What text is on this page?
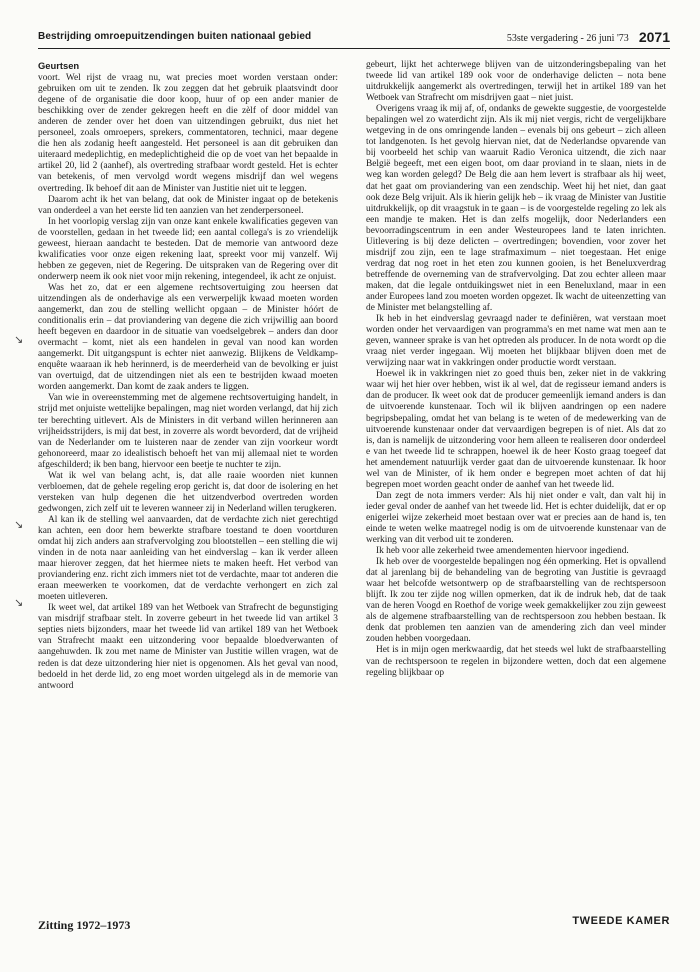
Bestrijding omroepuitzendingen buiten nationaal gebied	53ste vergadering - 26 juni '73 2071
Geurtsen

voort. Wel rijst de vraag nu, wat precies moet worden verstaan onder: gebruiken om uit te zenden. Ik zou zeggen dat het gebruik plaatsvindt door degene of de organisatie die door koop, huur of op een ander manier de beschikking over de zender gekregen heeft en die zèlf of door middel van anderen de zender over het doen van uitzendingen gebruikt, dus niet het personeel, zoals omroepers, sprekers, commentatoren, technici, maar degene die hen als zodanig heeft aangesteld. Het personeel is aan dit gebruiken dan uiteraard medeplichtig, en medeplichtigheid die op de voet van het bepaalde in artikel 20, lid 2 (aanhef), als overtreding strafbaar wordt gesteld. Het is echter van betekenis, of men vervolgd wordt wegens misdrijf dan wel wegens overtreding. Ik behoef dit aan de Minister van Justitie niet uit te leggen.

Daarom acht ik het van belang, dat ook de Minister ingaat op de betekenis van onderdeel a van het eerste lid ten aanzien van het zenderpersoneel.

In het voorlopig verslag zijn van onze kant enkele kwalificaties gegeven van de voorstellen, gedaan in het tweede lid; een aantal collega's is zo vriendelijk geweest, hieraan aandacht te besteden. Dat de memorie van antwoord deze kwalificaties voor onze eigen rekening laat, spreekt voor mij vanzelf. Wij hebben ze gegeven, niet de Regering. De uitspraken van de Regering over dit onderwerp neem ik ook niet voor mijn rekening, integendeel, ik acht ze onjuist.

Was het zo, dat er een algemene rechtsovertuiging zou heersen dat uitzendingen als de onderhavige als een verwerpelijk kwaad moeten worden aangemerkt, dan zou de stelling wellicht opgaan – de Minister hóórt de conditionalis erin – dat proviandering van degene die zich vrijwillig aan boord heeft begeven en daardoor in de situatie van voedselgebrek – anders dan door overmacht – komt, niet als een handelen in geval van nood kan worden aangemerkt. Dit uitgangspunt is echter niet aanwezig. Blijkens de Veldkamp-enquête waaraan ik heb herinnerd, is de meerderheid van de bevolking er juist van overtuigd, dat de uitzendingen niet als een te bestrijden kwaad moeten worden aangemerkt. Dan komt de zaak anders te liggen.

Van wie in overeenstemming met de algemene rechtsovertuiging handelt, in strijd met onjuiste wettelijke bepalingen, mag niet worden verlangd, dat hij zich ter berechting uitlevert. Als de Ministers in dit verband willen herinneren aan vrijheidsstrijders, is mij dat best, in zoverre als wordt bevorderd, dat de vrijheid van de Nederlander om te luisteren naar de zender van zijn voorkeur wordt gehonoreerd, maar zo idealistisch behoeft het van mij allemaal niet te worden afgeschilderd; ik ben bang, hiervoor een beetje te nuchter te zijn.

Wat ik wel van belang acht, is, dat alle raaie woorden niet kunnen verbloemen, dat de gehele regeling erop gericht is, dat door de isolering en het versteken van hulp degenen die het uitzendverbod overtreden worden gedwongen, zich zelf uit te leveren wanneer zij in Nederland willen terugkeren.

Al kan ik de stelling wel aanvaarden, dat de verdachte zich niet gerechtigd kan achten, een door hem bewerkte strafbare toestand te doen voortduren omdat hij zich anders aan strafvervolging zou blootstellen – een stelling die wij vinden in de nota naar aanleiding van het eindverslag – kan ik verder alleen maar hierover zeggen, dat het hiermee niets te maken heeft. Het verbod van proviandering enz. richt zich immers niet tot de verdachte, maar tot anderen die eraan meewerken te voorkomen, dat de verdachte verhongert en zich zal moeten uitleveren.

Ik weet wel, dat artikel 189 van het Wetboek van Strafrecht de begunstiging van misdrijf strafbaar stelt. In zoverre gebeurt in het tweede lid van artikel 3 septies niets bijzonders, maar het tweede lid van artikel 189 van het Wetboek van Strafrecht maakt een uitzondering voor bepaalde bloedverwanten of aangehuwden. Ik zou met name de Minister van Justitie willen vragen, wat de reden is dat deze uitzondering hier niet is opgenomen. Als het geval van nood, bedoeld in het derde lid, zo eng moet worden uitgelegd als in de memorie van antwoord

gebeurt, lijkt het achterwege blijven van de uitzonderingsbepaling van het tweede lid van artikel 189 ook voor de onderhavige delicten – nota bene uitdrukkelijk aangemerkt als overtredingen, terwijl het in artikel 189 van het Wetboek van Strafrecht om misdrijven gaat – niet juist.

Overigens vraag ik mij af, of, ondanks de gewekte suggestie, de voorgestelde bepalingen wel zo waterdicht zijn. Als ik mij niet vergis, richt de vergelijkbare wetgeving in de ons omringende landen – evenals bij ons gebeurt – zich alleen tot landgenoten. Is het gevolg hiervan niet, dat de Nederlandse opvarende van bij voorbeeld het schip van waaruit Radio Veronica uitzendt, die zich naar België begeeft, met een eigen boot, om daar proviand in te slaan, niets in de weg kan worden gelegd? De Belg die aan hem levert is strafbaar als hij weet, dat het gaat om proviandering van een zendschip. Weet hij het niet, dan gaat ook deze Belg vrijuit. Als ik hierin gelijk heb – ik vraag de Minister van Justitie uitdrukkelijk, op dit vraagstuk in te gaan – is de voorgestelde regeling zo lek als een mandje te maken. Het is dan zelfs mogelijk, door Nederlanders een bevoorradingscentrum in een ander Westeuropees land te laten inrichten. Uitlevering is bij deze delicten – overtredingen; bovendien, voor zover het misdrijf zou zijn, een te lage strafmaximum – niet toegestaan. Het enige verdrag dat nog roet in het eten zou kunnen gooien, is het Beneluxverdrag betreffende de overneming van de strafvervolging. Dat zou echter alleen maar maken, dat die legale ontduikingswet niet in een Beneluxland, maar in een ander Europees land zou moeten worden opgezet. Ik wacht de uiteenzetting van de Minister met belangstelling af.

Ik heb in het eindverslag gevraagd nader te definiëren, wat verstaan moet worden onder het vervaardigen van programma's en met name wat men aan te geven, wanneer sprake is van het optreden als producer. In de nota wordt op die vraag niet verder ingegaan. Wij moeten het blijkbaar blijven doen met de verwijzing naar wat in vakkringen onder productie wordt verstaan.

Hoewel ik in vakkringen niet zo goed thuis ben, zeker niet in de vakkring waar wij het hier over hebben, wist ik al wel, dat de regisseur iemand anders is dan de producer. Ik weet ook dat de producer gemeenlijk iemand anders is dan de uitvoerende kunstenaar. Toch wil ik blijven aandringen op een nadere begripsbepaling, omdat het van belang is te weten of de medewerking van de uitvoerende kunstenaar onder dat vervaardigen begrepen is of niet. Als dat zo is, dan is namelijk de uitzondering voor hem alleen te realiseren door onderdeel e van het tweede lid te schrappen, hoewel ik de heer Kosto graag toegeef dat het amendement natuurlijk verder gaat dan de uitvoerende kunstenaar. Ik hoor wel van de Minister, of ik hem onder e begrepen moet achten of dat hij begrepen moet worden geacht onder de aanhef van het tweede lid.

Dan zegt de nota immers verder: Als hij niet onder e valt, dan valt hij in ieder geval onder de aanhef van het tweede lid. Het is echter duidelijk, dat er op enigerlei wijze zekerheid moet bestaan over wat er precies aan de hand is, ten einde te weten welke maatregel nodig is om de uitvoerende kunstenaar van de werking van dit verbod uit te zonderen.

Ik heb voor alle zekerheid twee amendementen hiervoor ingediend.

Ik heb over de voorgestelde bepalingen nog één opmerking. Het is opvallend dat al jarenlang bij de behandeling van de begroting van Justitie is gevraagd waar het belcofde wetsontwerp op de strafbaarstelling van de rechtspersoon blijft. Ik zou ter zijde nog willen opmerken, dat ik de indruk heb, dat de taak van de heren Voogd en Roethof de vorige week gemakkelijker zou zijn geweest als de algemene strafbaarstelling van de rechtspersoon zou hebben bestaan. Ik denk dat problemen ten aanzien van de amendering zich dan veel minder zouden hebben voorgedaan.

Het is in mijn ogen merkwaardig, dat het steeds wel lukt de strafbaarstelling van de rechtspersoon te regelen in bijzondere wetten, doch dat een algemene regeling blijkbaar op

↘
↘
↘
Zitting 1972–1973	TWEEDE KAMER
